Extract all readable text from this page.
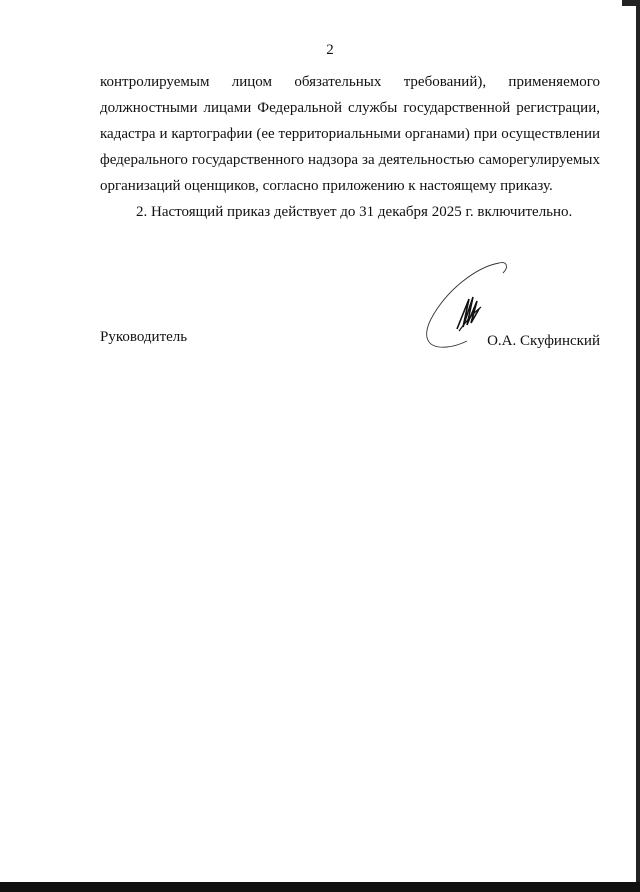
2
контролируемым лицом обязательных требований), применяемого
должностными лицами Федеральной службы государственной регистрации,
кадастра и картографии (ее территориальными органами) при осуществлении
федерального государственного надзора за деятельностью саморегулируемых
организаций оценщиков, согласно приложению к настоящему приказу.
2. Настоящий приказ действует до 31 декабря 2025 г. включительно.
Руководитель	О.А. Скуфинский
